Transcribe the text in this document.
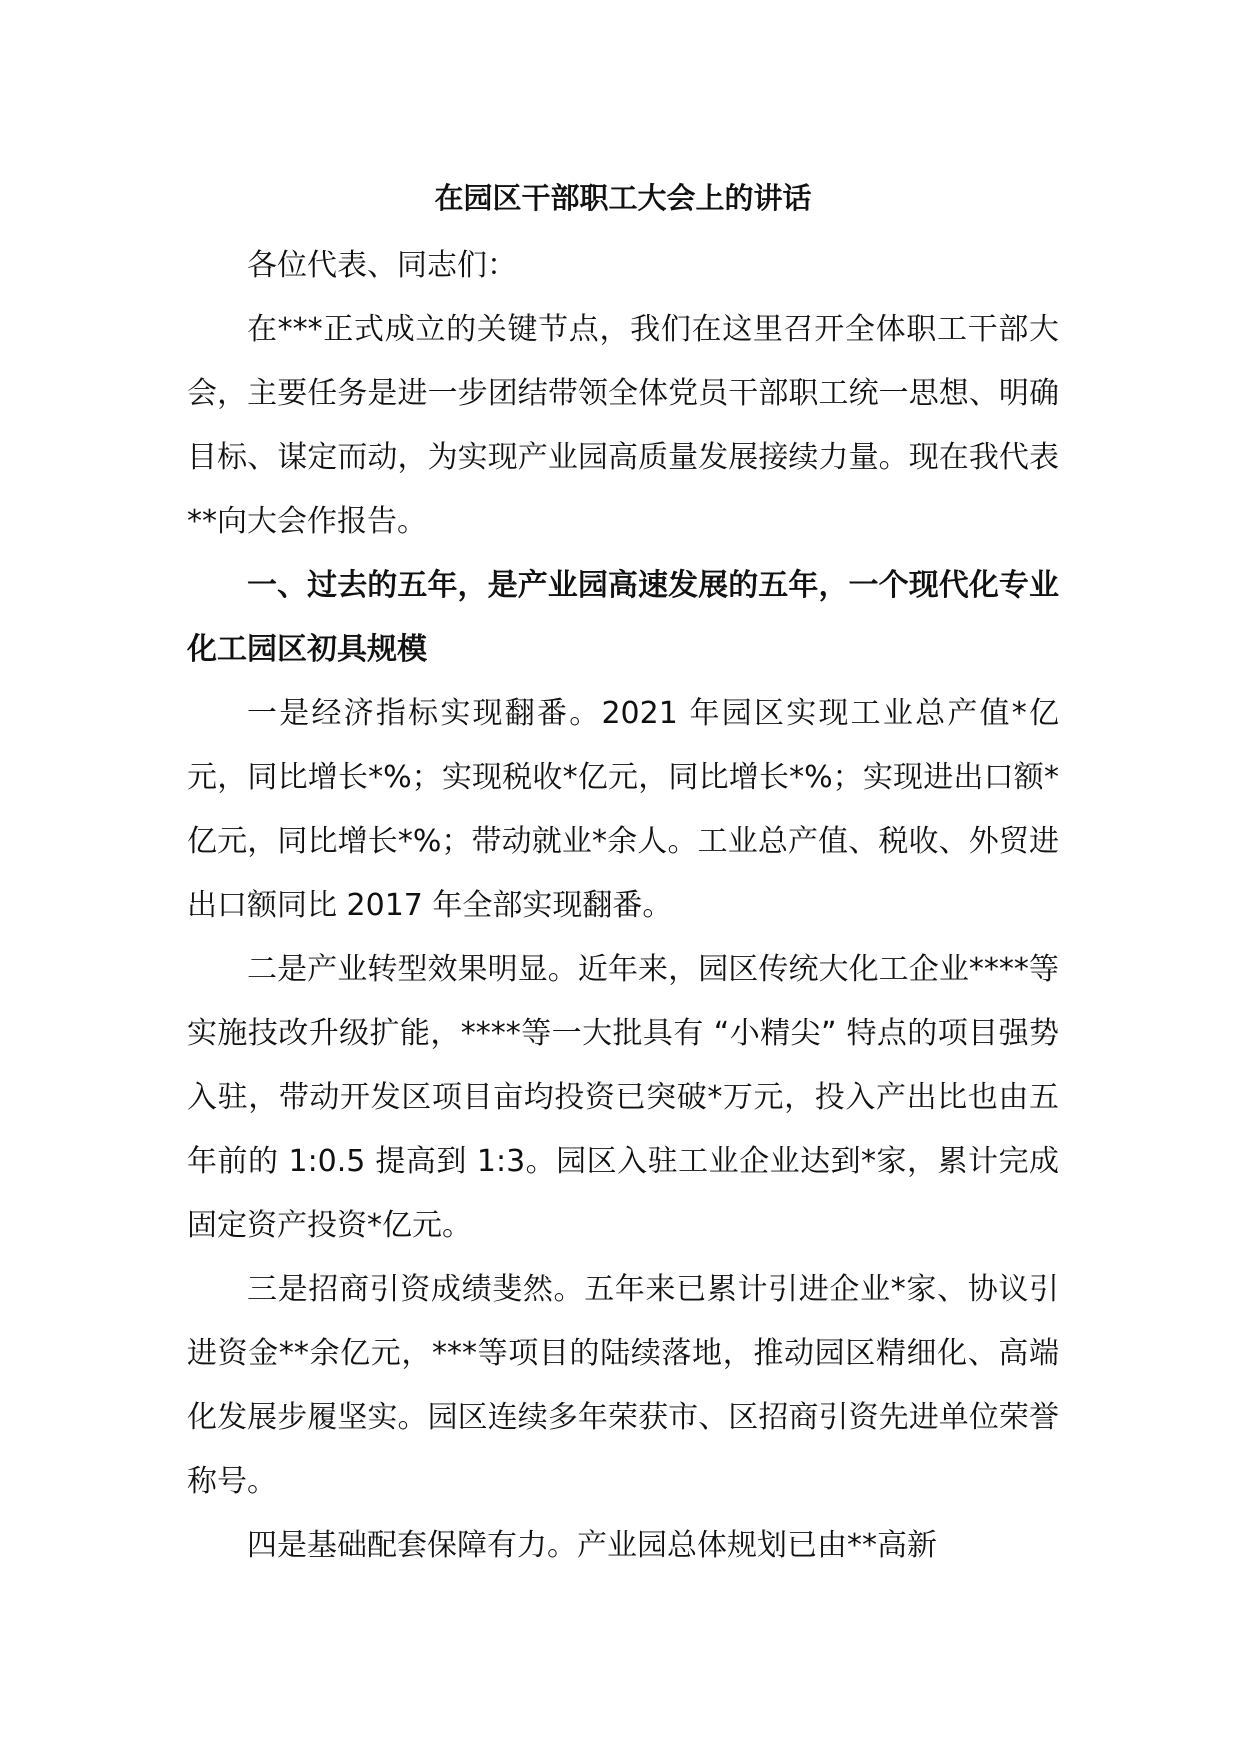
在园区干部职工大会上的讲话

各位代表、同志们：

在***正式成立的关键节点，我们在这里召开全体职工干部大会，主要任务是进一步团结带领全体党员干部职工统一思想、明确目标、谋定而动，为实现产业园高质量发展接续力量。现在我代表 **向大会作报告。

一、过去的五年，是产业园高速发展的五年，一个现代化专业化工园区初具规模

一是经济指标实现翻番。2021 年园区实现工业总产值*亿元，同比增长*%；实现税收*亿元，同比增长*%；实现进出口额*亿元，同比增长*%；带动就业*余人。工业总产值、税收、外贸进出口额同比 2017 年全部实现翻番。

二是产业转型效果明显。近年来，园区传统大化工企业****等实施技改升级扩能，****等一大批具有 “小精尖” 特点的项目强势入驻，带动开发区项目亩均投资已突破*万元，投入产出比也由五年前的 1:0.5 提高到 1:3。园区入驻工业企业达到*家，累计完成固定资产投资*亿元。

三是招商引资成绩斐然。五年来已累计引进企业*家、协议引进资金**余亿元，***等项目的陆续落地，推动园区精细化、高端化发展步履坚实。园区连续多年荣获市、区招商引资先进单位荣誉称号。

四是基础配套保障有力。产业园总体规划已由**高新
